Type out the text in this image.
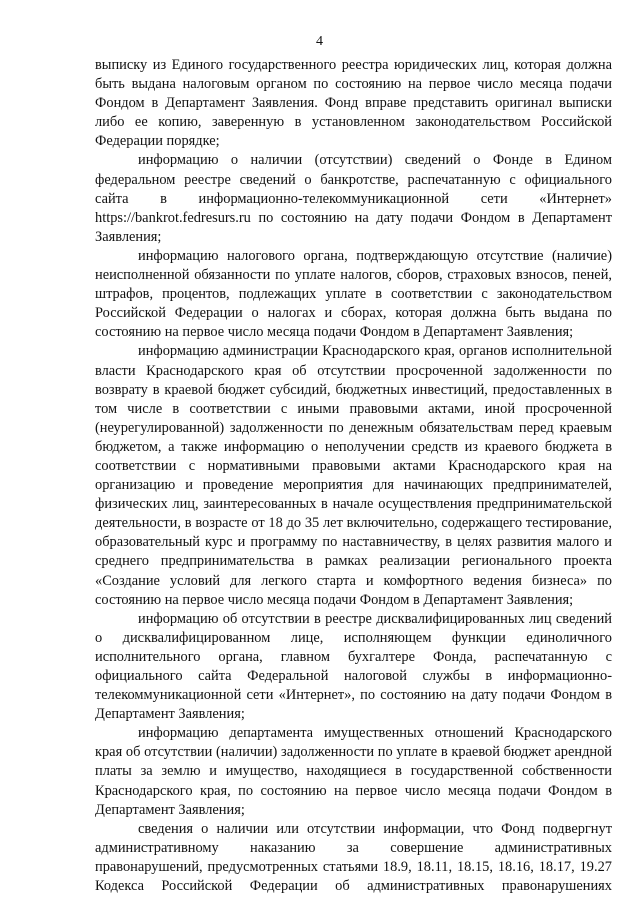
4

выписку из Единого государственного реестра юридических лиц, которая должна быть выдана налоговым органом по состоянию на первое число месяца подачи Фондом в Департамент Заявления. Фонд вправе представить оригинал выписки либо ее копию, заверенную в установленном законодательством Российской Федерации порядке;

информацию о наличии (отсутствии) сведений о Фонде в Едином федеральном реестре сведений о банкротстве, распечатанную с официального сайта в информационно-телекоммуникационной сети «Интернет» https://bankrot.fedresurs.ru по состоянию на дату подачи Фондом в Департамент Заявления;

информацию налогового органа, подтверждающую отсутствие (наличие) неисполненной обязанности по уплате налогов, сборов, страховых взносов, пеней, штрафов, процентов, подлежащих уплате в соответствии с законодательством Российской Федерации о налогах и сборах, которая должна быть выдана по состоянию на первое число месяца подачи Фондом в Департамент Заявления;

информацию администрации Краснодарского края, органов исполнительной власти Краснодарского края об отсутствии просроченной задолженности по возврату в краевой бюджет субсидий, бюджетных инвестиций, предоставленных в том числе в соответствии с иными правовыми актами, иной просроченной (неурегулированной) задолженности по денежным обязательствам перед краевым бюджетом, а также информацию о неполучении средств из краевого бюджета в соответствии с нормативными правовыми актами Краснодарского края на организацию и проведение мероприятия для начинающих предпринимателей, физических лиц, заинтересованных в начале осуществления предпринимательской деятельности, в возрасте от 18 до 35 лет включительно, содержащего тестирование, образовательный курс и программу по наставничеству, в целях развития малого и среднего предпринимательства в рамках реализации регионального проекта «Создание условий для легкого старта и комфортного ведения бизнеса» по состоянию на первое число месяца подачи Фондом в Департамент Заявления;

информацию об отсутствии в реестре дисквалифицированных лиц сведений о дисквалифицированном лице, исполняющем функции единоличного исполнительного органа, главном бухгалтере Фонда, распечатанную с официального сайта Федеральной налоговой службы в информационно-телекоммуникационной сети «Интернет», по состоянию на дату подачи Фондом в Департамент Заявления;

информацию департамента имущественных отношений Краснодарского края об отсутствии (наличии) задолженности по уплате в краевой бюджет арендной платы за землю и имущество, находящиеся в государственной собственности Краснодарского края, по состоянию на первое число месяца подачи Фондом в Департамент Заявления;

сведения о наличии или отсутствии информации, что Фонд подвергнут административному наказанию за совершение административных правонарушений, предусмотренных статьями 18.9, 18.11, 18.15, 18.16, 18.17, 19.27 Кодекса Российской Федерации об административных правонарушениях
